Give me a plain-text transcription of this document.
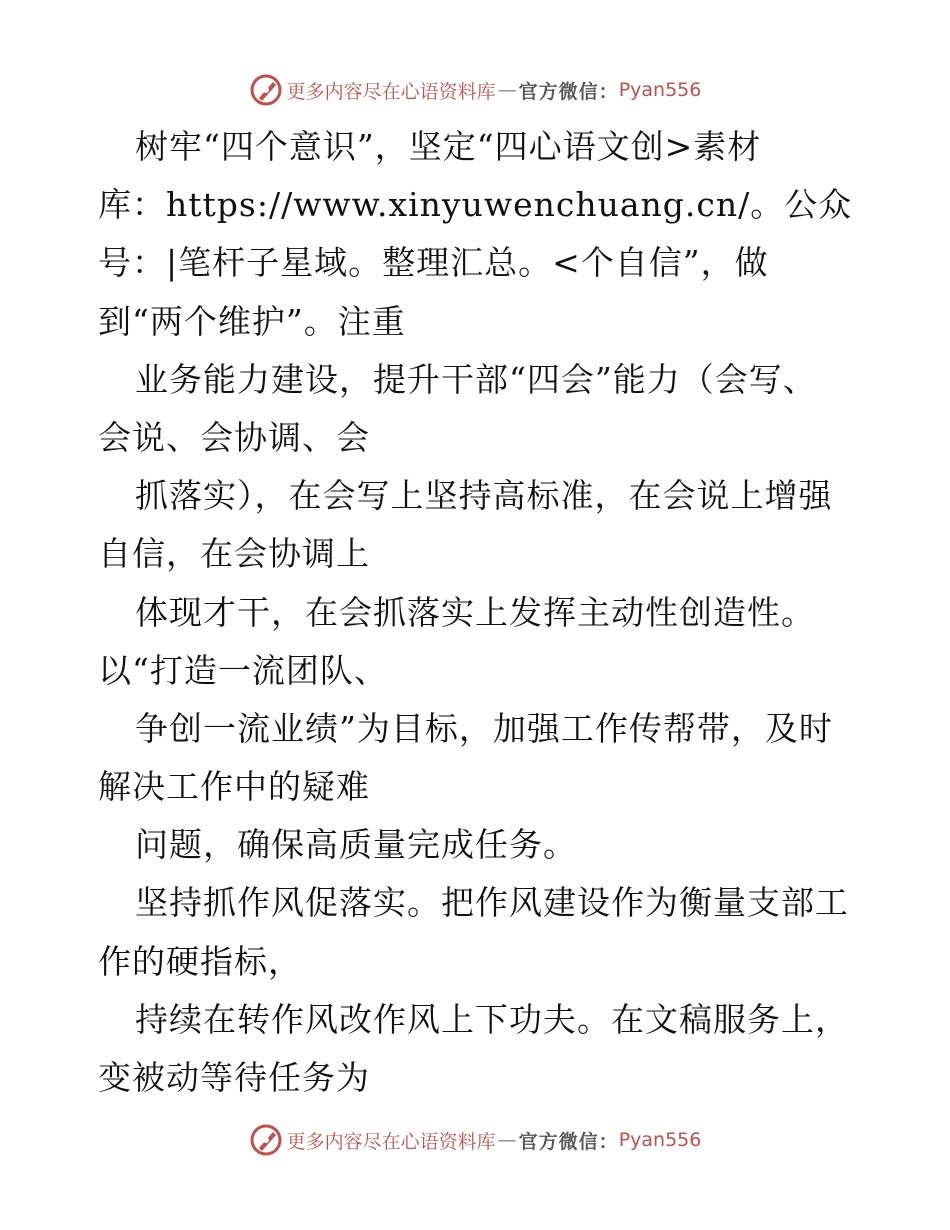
更多内容尽在心语资料库 — 官方微信： Pyan556
树牢“四个意识”，坚定“四心语文创>素材
库：https://www.xinyuwenchuang.cn/。公众
号：|笔杆子星域。整理汇总。<个自信”，做
到“两个维护”。注重
业务能力建设，提升干部“四会”能力（会写、
会说、会协调、会
抓落实），在会写上坚持高标准，在会说上增强
自信，在会协调上
体现才干，在会抓落实上发挥主动性创造性。
以“打造一流团队、
争创一流业绩”为目标，加强工作传帮带，及时
解决工作中的疑难
问题，确保高质量完成任务。
坚持抓作风促落实。把作风建设作为衡量支部工
作的硬指标，
持续在转作风改作风上下功夫。在文稿服务上，
变被动等待任务为
更多内容尽在心语资料库 — 官方微信： Pyan556
